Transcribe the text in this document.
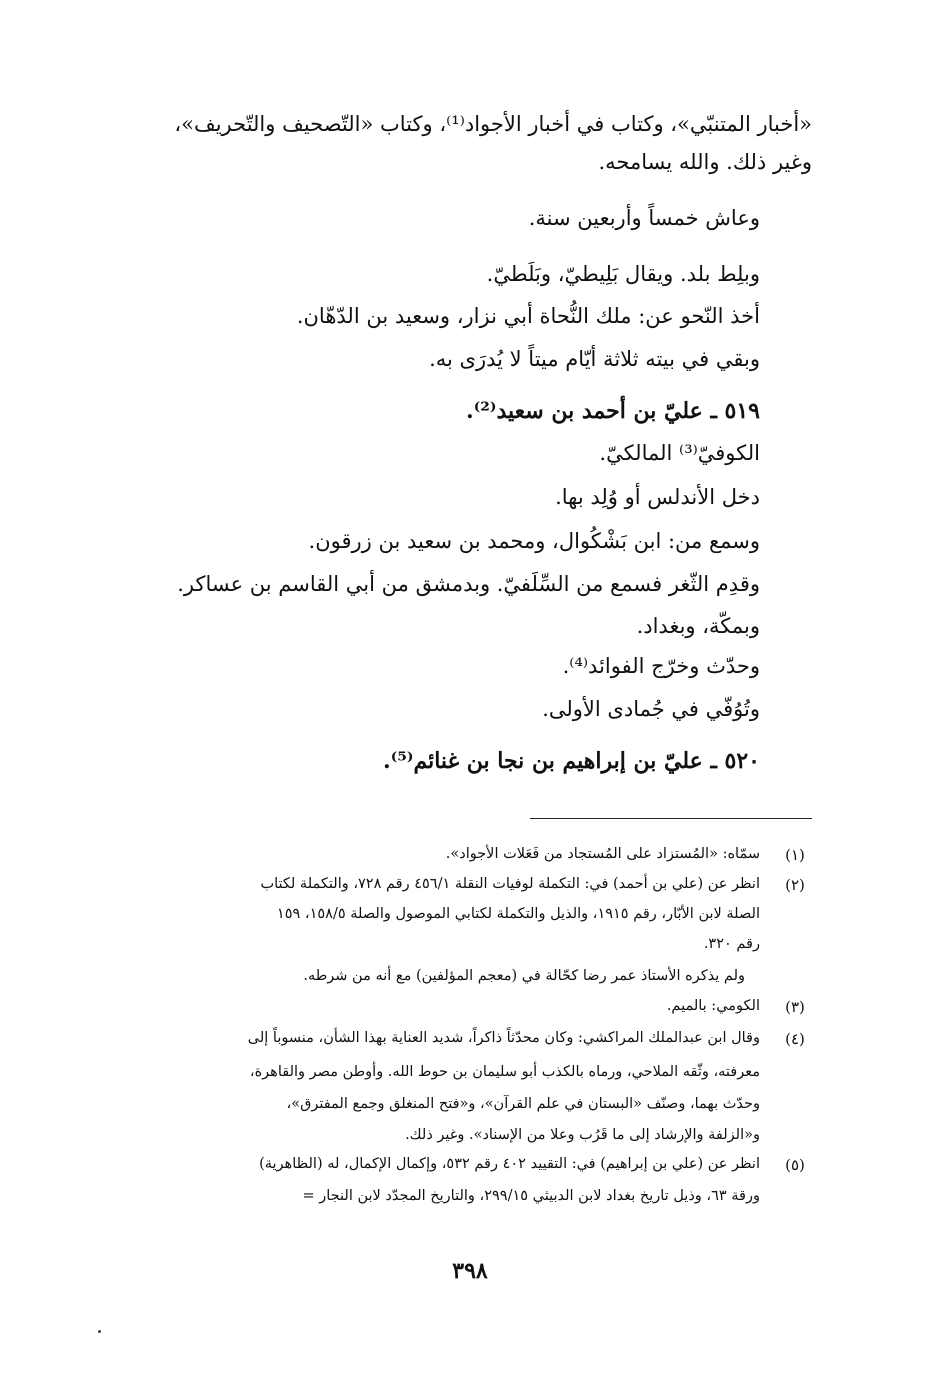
«أخبار المتنبّي»، وكتاب في أخبار الأجواد⁽¹⁾، وكتاب «التّصحيف والتّحريف»،
وغير ذلك. والله يسامحه.
وعاش خمساً وأربعين سنة.
وبلِط بلد. ويقال بَلِيطيّ، وبَلَطيّ.
أخذ النّحو عن: ملك النُّحاة أبي نزار، وسعيد بن الدّهّان.
وبقي في بيته ثلاثة أيّام ميتاً لا يُدرَى به.
٥١٩ ـ عليّ بن أحمد بن سعيد⁽²⁾.
الكوفيّ⁽³⁾ المالكيّ.
دخل الأندلس أو وُلِد بها.
وسمع من: ابن بَشْكُوال، ومحمد بن سعيد بن زرقون.
وقدِم الثّغر فسمع من السِّلَفيّ. وبدمشق من أبي القاسم بن عساكر.
وبمكّة، وبغداد.
وحدّث وخرّج الفوائد⁽⁴⁾.
وتُوُفّي في جُمادى الأولى.
٥٢٠ ـ عليّ بن إبراهيم بن نجا بن غنائم⁽⁵⁾.
(١)
سمّاه: «المُستزاد على المُستجاد من فَعَلات الأجواد».
(٢)
انظر عن (علي بن أحمد) في: التكملة لوفيات النقلة ٤٥٦/١ رقم ٧٢٨، والتكملة لكتاب
الصلة لابن الأبّار، رقم ١٩١٥، والذيل والتكملة لكتابي الموصول والصلة ١٥٨/٥، ١٥٩
رقم ٣٢٠.
ولم يذكره الأستاذ عمر رضا كحّالة في (معجم المؤلفين) مع أنه من شرطه.
(٣)
الكومي: بالميم.
(٤)
وقال ابن عبدالملك المراكشي: وكان محدّثاً ذاكراً، شديد العناية بهذا الشأن، منسوباً إلى
معرفته، وثّقه الملاحي، ورماه بالكذب أبو سليمان بن حوط الله. وأوطن مصر والقاهرة،
وحدّث بهما، وصنّف «البستان في علم القرآن»، و«فتح المنغلق وجمع المفترق»،
و«الزلفة والإرشاد إلى ما قَرُب وعلا من الإسناد». وغير ذلك.
(٥)
انظر عن (علي بن إبراهيم) في: التقييد ٤٠٢ رقم ٥٣٢، وإكمال الإكمال، له (الظاهرية)
ورقة ٦٣، وذيل تاريخ بغداد لابن الدبيثي ٢٩٩/١٥، والتاريخ المجدّد لابن النجار =
٣٩٨
